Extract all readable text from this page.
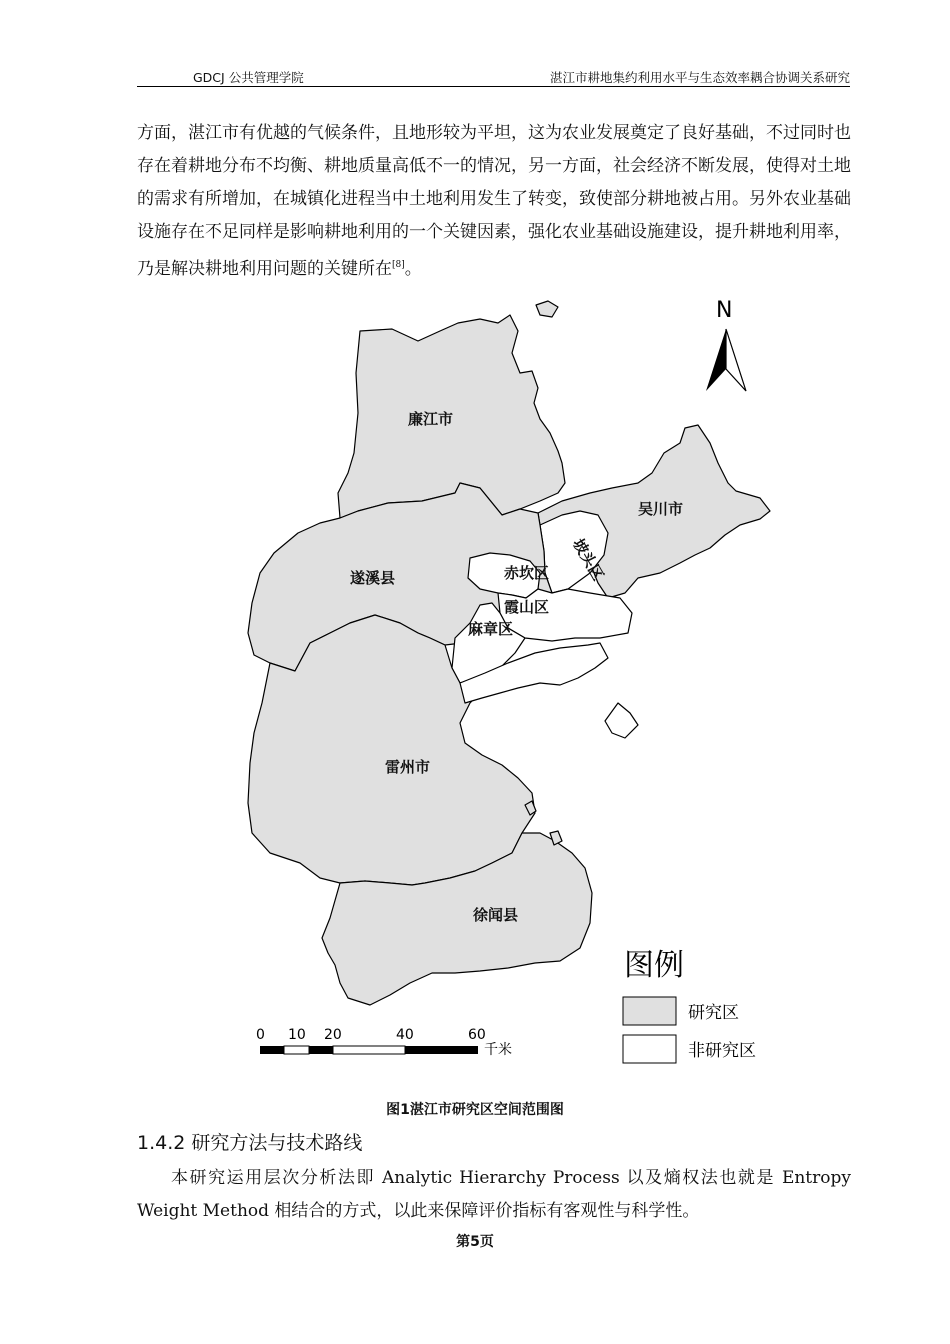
GDCJ 公共管理学院	湛江市耕地集约利用水平与生态效率耦合协调关系研究
方面，湛江市有优越的气候条件，且地形较为平坦，这为农业发展奠定了良好基础，不过同时也存在着耕地分布不均衡、耕地质量高低不一的情况，另一方面，社会经济不断发展，使得对土地的需求有所增加，在城镇化进程当中土地利用发生了转变，致使部分耕地被占用。另外农业基础设施存在不足同样是影响耕地利用的一个关键因素，强化农业基础设施建设，提升耕地利用率，乃是解决耕地利用问题的关键所在[8]。
廉江市
吴川市
遂溪县	赤坎区
霞山区
麻章区
雷州市
徐闻县
坡头区
N
0 10 20	40	60
千米
图例
研究区
非研究区
图1湛江市研究区空间范围图
1.4.2 研究方法与技术路线
本研究运用层次分析法即 Analytic Hierarchy Process 以及熵权法也就是 Entropy Weight Method 相结合的方式，以此来保障评价指标有客观性与科学性。
第5页
